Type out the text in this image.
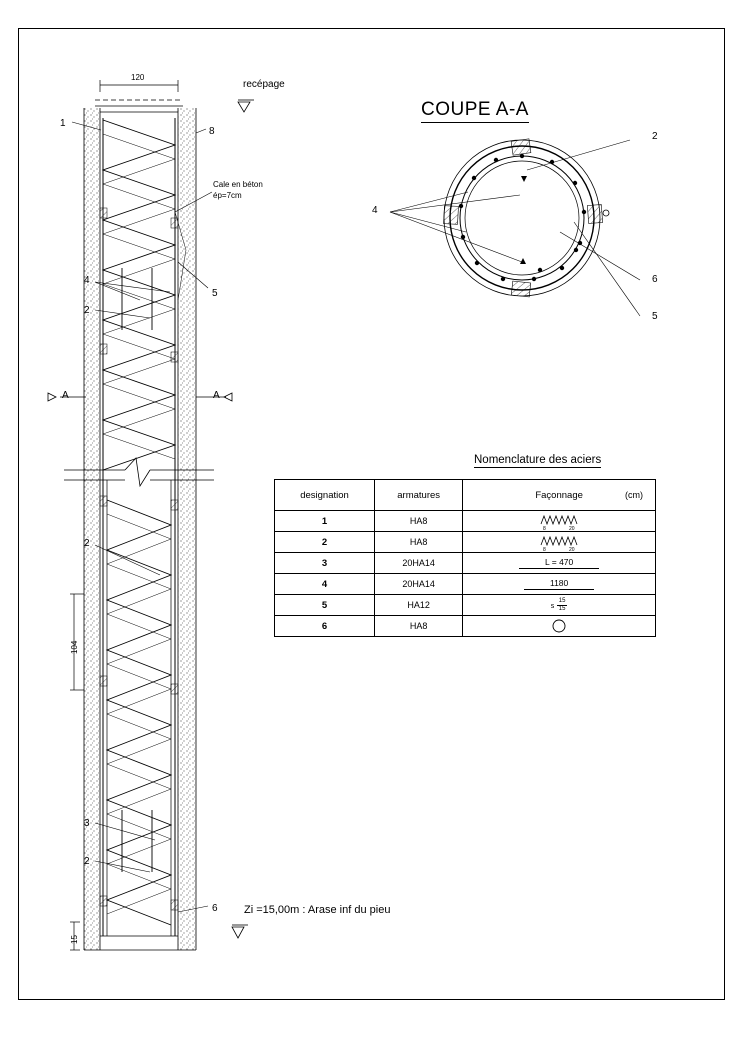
120
recépage
Cale en béton
ép=7cm
1
8
4
2
5
2
3
2
6
A	A
104
15
Zi =15,00m : Arase inf du pieu
COUPE A-A
2
4
6
5
Nomenclature des aciers
designation	armatures	Façonnage (cm)

1	HA8	8 20

2	HA8	8 20

3	20HA14	L = 470
4	20HA14	1180
5	HA12	s $\frac{15}{15}$

6	HA8	
